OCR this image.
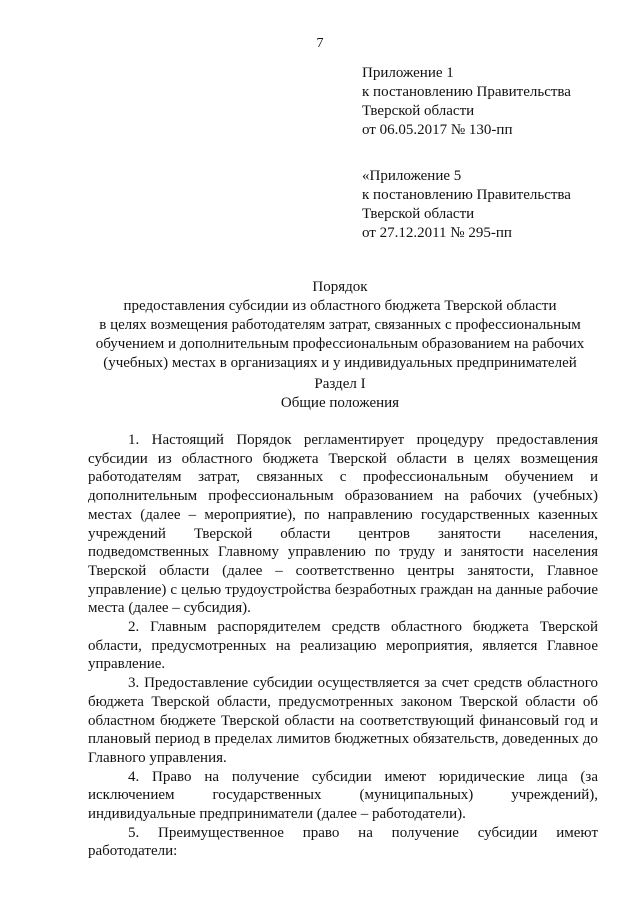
7
Приложение 1
к постановлению Правительства
Тверской области
от 06.05.2017 № 130-пп
«Приложение 5
к постановлению Правительства
Тверской области
от 27.12.2011 № 295-пп
Порядок
предоставления субсидии из областного бюджета Тверской области
в целях возмещения работодателям затрат, связанных с профессиональным
обучением и дополнительным профессиональным образованием на рабочих
(учебных) местах в организациях и у индивидуальных предпринимателей
Раздел I
Общие положения

1. Настоящий Порядок регламентирует процедуру предоставления субсидии из областного бюджета Тверской области в целях возмещения работодателям затрат, связанных с профессиональным обучением и дополнительным профессиональным образованием на рабочих (учебных) местах (далее – мероприятие), по направлению государственных казенных учреждений Тверской области центров занятости населения, подведомственных Главному управлению по труду и занятости населения Тверской области (далее – соответственно центры занятости, Главное управление) с целью трудоустройства безработных граждан на данные рабочие места (далее – субсидия).

2. Главным распорядителем средств областного бюджета Тверской области, предусмотренных на реализацию мероприятия, является Главное управление.

3. Предоставление субсидии осуществляется за счет средств областного бюджета Тверской области, предусмотренных законом Тверской области об областном бюджете Тверской области на соответствующий финансовый год и плановый период в пределах лимитов бюджетных обязательств, доведенных до Главного управления.

4. Право на получение субсидии имеют юридические лица (за исключением государственных (муниципальных) учреждений), индивидуальные предприниматели (далее – работодатели).

5. Преимущественное право на получение субсидии имеют работодатели:
